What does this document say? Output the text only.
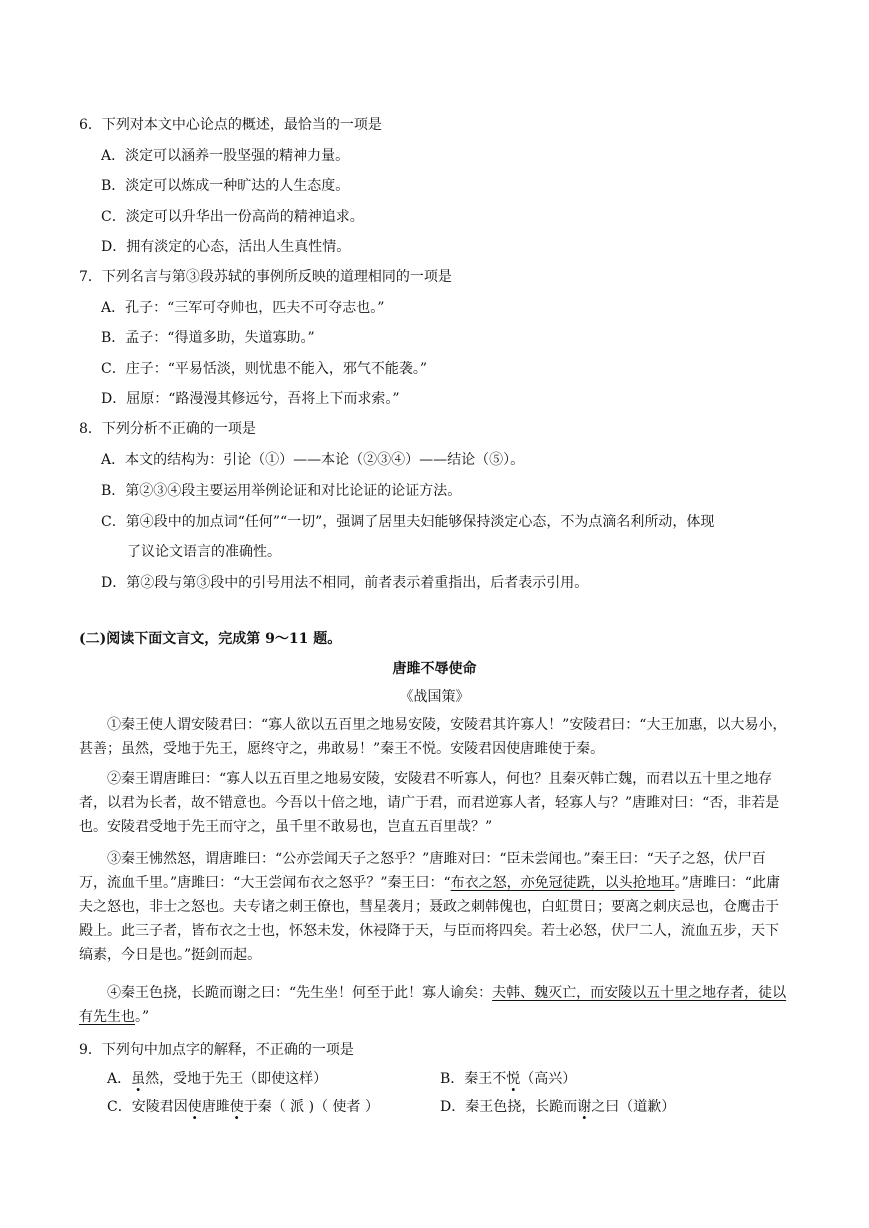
6．下列对本文中心论点的概述，最恰当的一项是
A．淡定可以涵养一股坚强的精神力量。
B．淡定可以炼成一种旷达的人生态度。
C．淡定可以升华出一份高尚的精神追求。
D．拥有淡定的心态，活出人生真性情。
7．下列名言与第③段苏轼的事例所反映的道理相同的一项是
A．孔子：“三军可夺帅也，匹夫不可夺志也。”
B．孟子：“得道多助，失道寡助。”
C．庄子：“平易恬淡，则忧患不能入，邪气不能袭。”
D．屈原：“路漫漫其修远兮，吾将上下而求索。”
8．下列分析不正确的一项是
A．本文的结构为：引论（①）——本论（②③④）——结论（⑤）。
B．第②③④段主要运用举例论证和对比论证的论证方法。
C．第④段中的加点词“任何”“一切”，强调了居里夫妇能够保持淡定心态，不为点滴名利所动，体现
了议论文语言的准确性。
D．第②段与第③段中的引号用法不相同，前者表示着重指出，后者表示引用。
(二)阅读下面文言文，完成第 9～11 题。
唐雎不辱使命
《战国策》
①秦王使人谓安陵君曰：“寡人欲以五百里之地易安陵，安陵君其许寡人！”安陵君曰：“大王加惠，以大易小，甚善；虽然，受地于先王，愿终守之，弗敢易！”秦王不悦。安陵君因使唐雎使于秦。
②秦王谓唐雎曰：“寡人以五百里之地易安陵，安陵君不听寡人，何也？且秦灭韩亡魏，而君以五十里之地存者，以君为长者，故不错意也。今吾以十倍之地，请广于君，而君逆寡人者，轻寡人与？”唐雎对曰：“否，非若是也。安陵君受地于先王而守之，虽千里不敢易也，岂直五百里哉？”
③秦王怫然怒，谓唐雎曰：“公亦尝闻天子之怒乎？”唐雎对曰：“臣未尝闻也。”秦王曰：“天子之怒，伏尸百万，流血千里。”唐雎曰：“大王尝闻布衣之怒乎？”秦王曰：“布衣之怒，亦免冠徒跣，以头抢地耳。”唐雎曰：“此庸夫之怒也，非士之怒也。夫专诸之刺王僚也，彗星袭月；聂政之刺韩傀也，白虹贯日；要离之刺庆忌也，仓鹰击于殿上。此三子者，皆布衣之士也，怀怒未发，休祲降于天，与臣而将四矣。若士必怒，伏尸二人，流血五步，天下缟素，今日是也。”挺剑而起。
④秦王色挠，长跪而谢之曰：“先生坐！何至于此！寡人谕矣：夫韩、魏灭亡，而安陵以五十里之地存者，徒以有先生也。”
9．下列句中加点字的解释，不正确的一项是
A．虽然，受地于先王（即使这样）	B．秦王不悦（高兴）
C．安陵君因使唐雎使于秦（ 派 )（ 使者 ）	D．秦王色挠，长跪而谢之曰（道歉）
